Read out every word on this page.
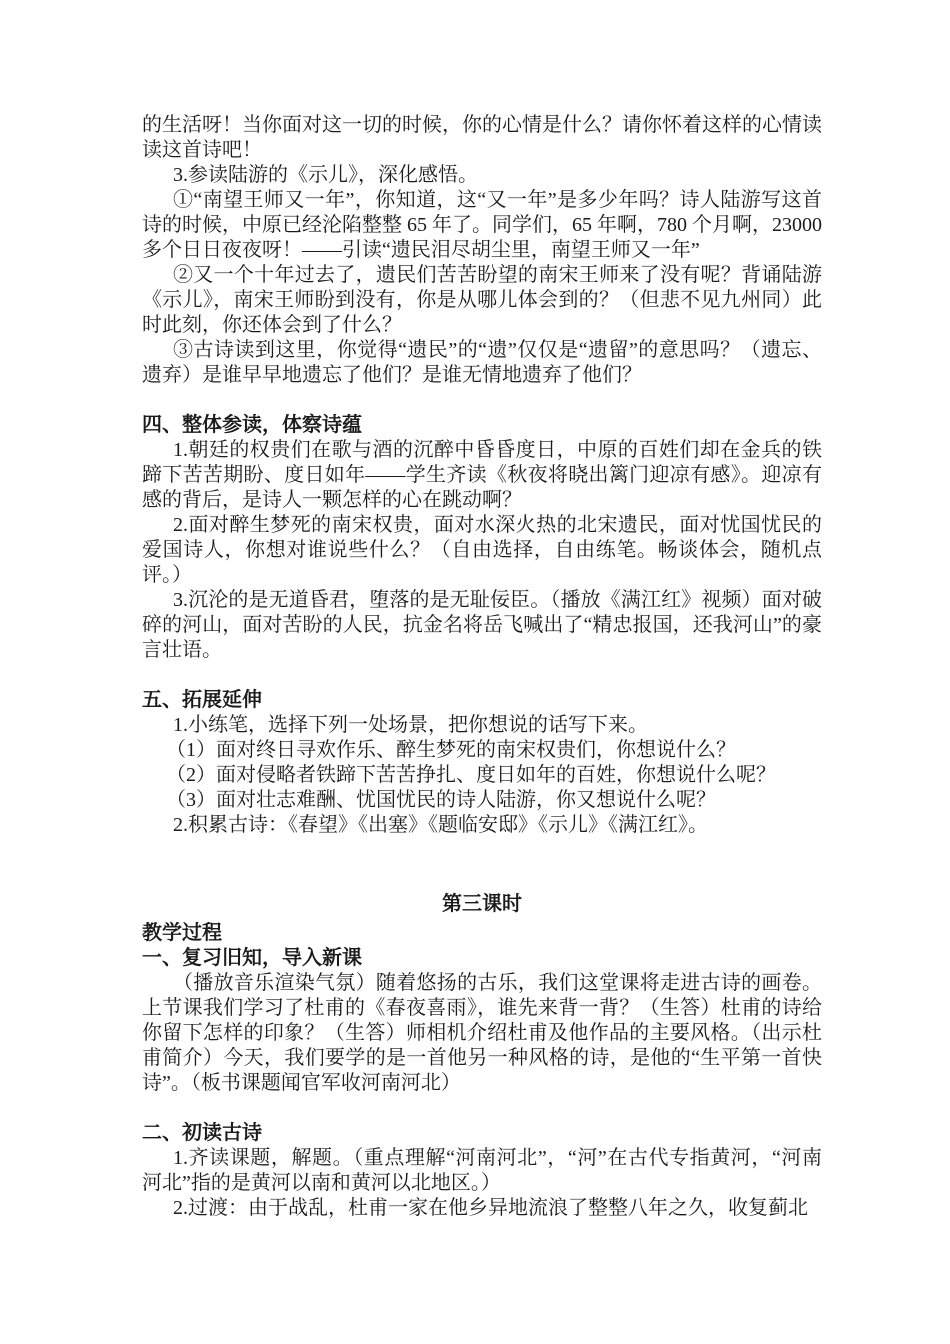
的生活呀！当你面对这一切的时候，你的心情是什么？请你怀着这样的心情读读这首诗吧！

3.参读陆游的《示儿》，深化感悟。

①“南望王师又一年”，你知道，这“又一年”是多少年吗？诗人陆游写这首诗的时候，中原已经沦陷整整 65 年了。同学们，65 年啊，780 个月啊，23000 多个日日夜夜呀！——引读“遗民泪尽胡尘里，南望王师又一年”

②又一个十年过去了，遗民们苦苦盼望的南宋王师来了没有呢？背诵陆游《示儿》，南宋王师盼到没有，你是从哪儿体会到的？（但悲不见九州同）此时此刻，你还体会到了什么？

③古诗读到这里，你觉得“遗民”的“遗”仅仅是“遗留”的意思吗？（遗忘、遗弃）是谁早早地遗忘了他们？是谁无情地遗弃了他们？

四、整体参读，体察诗蕴

1.朝廷的权贵们在歌与酒的沉醉中昏昏度日，中原的百姓们却在金兵的铁蹄下苦苦期盼、度日如年——学生齐读《秋夜将晓出篱门迎凉有感》。迎凉有感的背后，是诗人一颗怎样的心在跳动啊？

2.面对醉生梦死的南宋权贵，面对水深火热的北宋遗民，面对忧国忧民的爱国诗人，你想对谁说些什么？（自由选择，自由练笔。畅谈体会，随机点评。）

3.沉沦的是无道昏君，堕落的是无耻佞臣。（播放《满江红》视频）面对破碎的河山，面对苦盼的人民，抗金名将岳飞喊出了“精忠报国，还我河山”的豪言壮语。

五、拓展延伸

1.小练笔，选择下列一处场景，把你想说的话写下来。

（1）面对终日寻欢作乐、醉生梦死的南宋权贵们，你想说什么？

（2）面对侵略者铁蹄下苦苦挣扎、度日如年的百姓，你想说什么呢？

（3）面对壮志难酬、忧国忧民的诗人陆游，你又想说什么呢？

2.积累古诗：《春望》《出塞》《题临安邸》《示儿》《满江红》。

第三课时

教学过程

一、复习旧知，导入新课

（播放音乐渲染气氛）随着悠扬的古乐，我们这堂课将走进古诗的画卷。上节课我们学习了杜甫的《春夜喜雨》，谁先来背一背？（生答）杜甫的诗给你留下怎样的印象？（生答）师相机介绍杜甫及他作品的主要风格。（出示杜甫简介）今天，我们要学的是一首他另一种风格的诗，是他的“生平第一首快诗”。（板书课题闻官军收河南河北）

二、初读古诗

1.齐读课题，解题。（重点理解“河南河北”，“河”在古代专指黄河，“河南河北”指的是黄河以南和黄河以北地区。）

2.过渡：由于战乱，杜甫一家在他乡异地流浪了整整八年之久，收复蓟北
